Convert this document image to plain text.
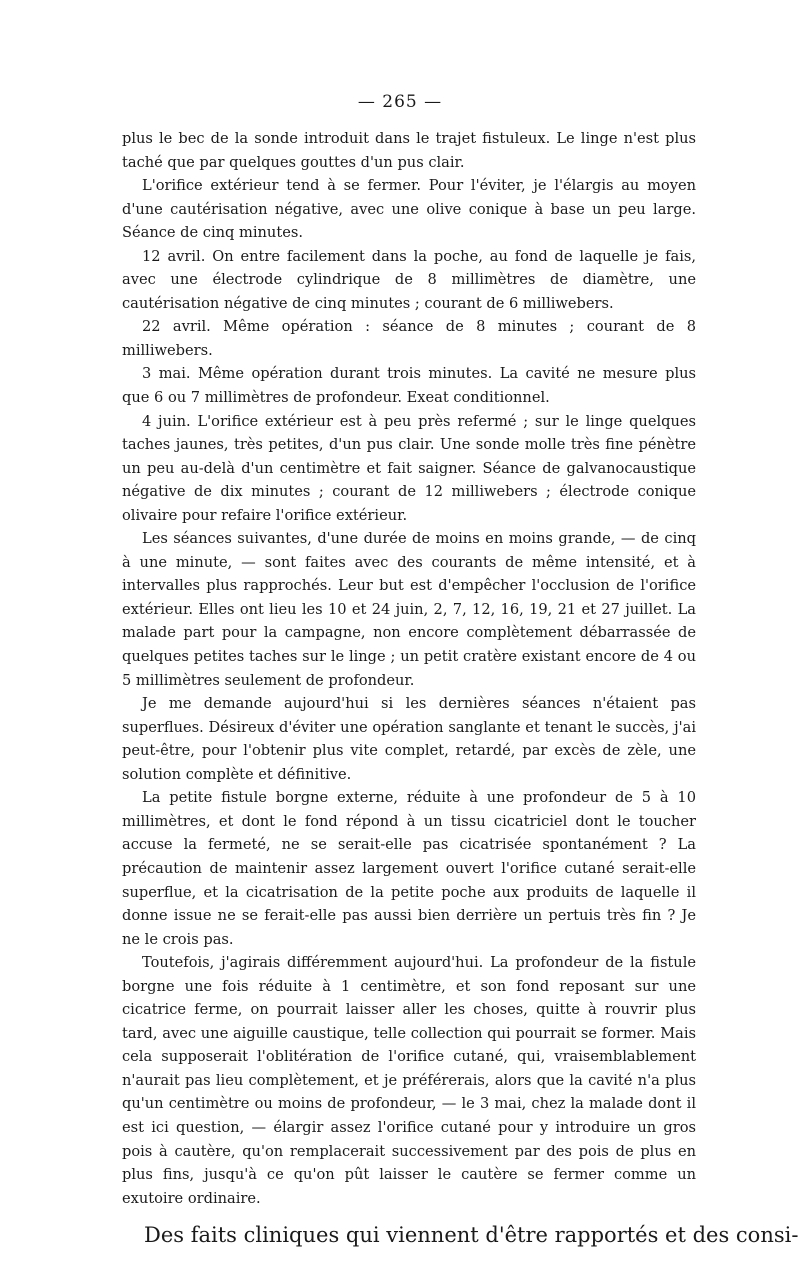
— 265 —

plus le bec de la sonde introduit dans le trajet fistuleux. Le linge n'est plus taché que par quelques gouttes d'un pus clair.

L'orifice extérieur tend à se fermer. Pour l'éviter, je l'élargis au moyen d'une cautérisation négative, avec une olive conique à base un peu large. Séance de cinq minutes.

12 avril. On entre facilement dans la poche, au fond de laquelle je fais, avec une électrode cylindrique de 8 millimètres de diamètre, une cautérisation négative de cinq minutes ; courant de 6 milliwebers.

22 avril. Même opération : séance de 8 minutes ; courant de 8 milliwebers.

3 mai. Même opération durant trois minutes. La cavité ne mesure plus que 6 ou 7 millimètres de profondeur. Exeat conditionnel.

4 juin. L'orifice extérieur est à peu près refermé ; sur le linge quelques taches jaunes, très petites, d'un pus clair. Une sonde molle très fine pénètre un peu au-delà d'un centimètre et fait saigner. Séance de galvanocaustique négative de dix minutes ; courant de 12 milliwebers ; électrode conique olivaire pour refaire l'orifice extérieur.

Les séances suivantes, d'une durée de moins en moins grande, — de cinq à une minute, — sont faites avec des courants de même intensité, et à intervalles plus rapprochés. Leur but est d'empêcher l'occlusion de l'orifice extérieur. Elles ont lieu les 10 et 24 juin, 2, 7, 12, 16, 19, 21 et 27 juillet. La malade part pour la campagne, non encore complètement débarrassée de quelques petites taches sur le linge ; un petit cratère existant encore de 4 ou 5 millimètres seulement de profondeur.

Je me demande aujourd'hui si les dernières séances n'étaient pas superflues. Désireux d'éviter une opération sanglante et tenant le succès, j'ai peut-être, pour l'obtenir plus vite complet, retardé, par excès de zèle, une solution complète et définitive.

La petite fistule borgne externe, réduite à une profondeur de 5 à 10 millimètres, et dont le fond répond à un tissu cicatriciel dont le toucher accuse la fermeté, ne se serait-elle pas cicatrisée spontanément ? La précaution de maintenir assez largement ouvert l'orifice cutané serait-elle superflue, et la cicatrisation de la petite poche aux produits de laquelle il donne issue ne se ferait-elle pas aussi bien derrière un pertuis très fin ? Je ne le crois pas.

Toutefois, j'agirais différemment aujourd'hui. La profondeur de la fistule borgne une fois réduite à 1 centimètre, et son fond reposant sur une cicatrice ferme, on pourrait laisser aller les choses, quitte à rouvrir plus tard, avec une aiguille caustique, telle collection qui pourrait se former. Mais cela supposerait l'oblitération de l'orifice cutané, qui, vraisemblablement n'aurait pas lieu complètement, et je préférerais, alors que la cavité n'a plus qu'un centimètre ou moins de profondeur, — le 3 mai, chez la malade dont il est ici question, — élargir assez l'orifice cutané pour y introduire un gros pois à cautère, qu'on remplacerait successivement par des pois de plus en plus fins, jusqu'à ce qu'on pût laisser le cautère se fermer comme un exutoire ordinaire.

Des faits cliniques qui viennent d'être rapportés et des consi-
